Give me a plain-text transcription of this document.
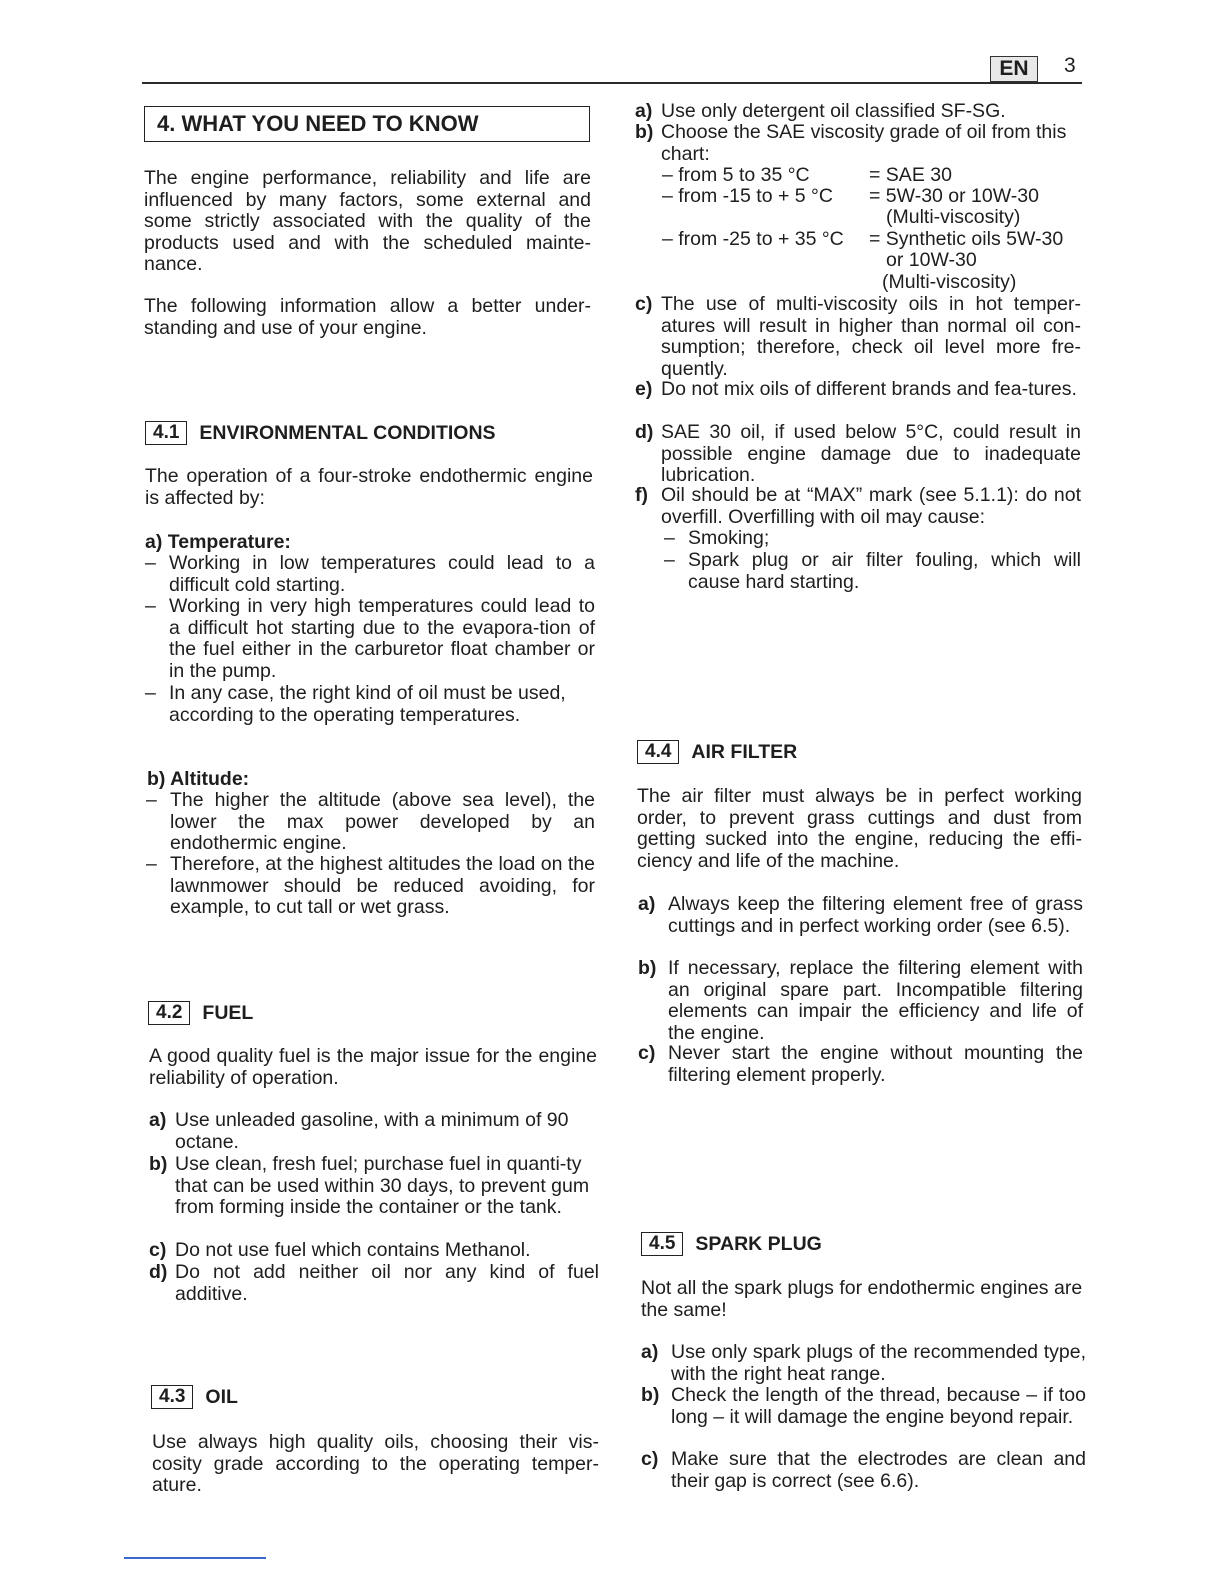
EN	3
4. WHAT YOU NEED TO KNOW

The engine performance, reliability and life are influenced by many factors, some external and some strictly associated with the quality of the products used and with the scheduled mainte-nance.

The following information allow a better under-standing and use of your engine.

4.1	ENVIRONMENTAL CONDITIONS

The operation of a four-stroke endothermic engine is affected by:

a) Temperature:
– Working in low temperatures could lead to a difficult cold starting.
– Working in very high temperatures could lead to a difficult hot starting due to the evapora-tion of the fuel either in the carburetor float chamber or in the pump.
– In any case, the right kind of oil must be used, according to the operating temperatures.
b) Altitude:
– The higher the altitude (above sea level), the lower the max power developed by an endothermic engine.
– Therefore, at the highest altitudes the load on the lawnmower should be reduced avoiding, for example, to cut tall or wet grass.
4.2	FUEL

A good quality fuel is the major issue for the engine reliability of operation.

a) Use unleaded gasoline, with a minimum of 90 octane.
b) Use clean, fresh fuel; purchase fuel in quanti-ty that can be used within 30 days, to prevent gum from forming inside the container or the tank.
c) Do not use fuel which contains Methanol.
d) Do not add neither oil nor any kind of fuel additive.
4.3	OIL

Use always high quality oils, choosing their vis-cosity grade according to the operating temper-ature.

a) Use only detergent oil classified SF-SG.
b) Choose the SAE viscosity grade of oil from this chart:
– from 5 to 35 °C	= SAE 30
– from -15 to + 5 °C = 5W-30 or 10W-30
(Multi-viscosity)
– from -25 to + 35 °C = Synthetic oils 5W-30
or 10W-30
(Multi-viscosity)
c) The use of multi-viscosity oils in hot temper-atures will result in higher than normal oil con-sumption; therefore, check oil level more fre-quently.
e) Do not mix oils of different brands and fea-tures.
d) SAE 30 oil, if used below 5°C, could result in possible engine damage due to inadequate lubrication.
f) Oil should be at “MAX” mark (see 5.1.1): do not overfill. Overfilling with oil may cause:
– Smoking;
– Spark plug or air filter fouling, which will cause hard starting.
4.4	AIR FILTER

The air filter must always be in perfect working order, to prevent grass cuttings and dust from getting sucked into the engine, reducing the effi-ciency and life of the machine.

a) Always keep the filtering element free of grass cuttings and in perfect working order (see 6.5).
b) If necessary, replace the filtering element with an original spare part. Incompatible filtering elements can impair the efficiency and life of the engine.
c) Never start the engine without mounting the filtering element properly.
4.5	SPARK PLUG

Not all the spark plugs for endothermic engines are the same!

a) Use only spark plugs of the recommended type, with the right heat range.
b) Check the length of the thread, because – if too long – it will damage the engine beyond repair.
c) Make sure that the electrodes are clean and their gap is correct (see 6.6).
